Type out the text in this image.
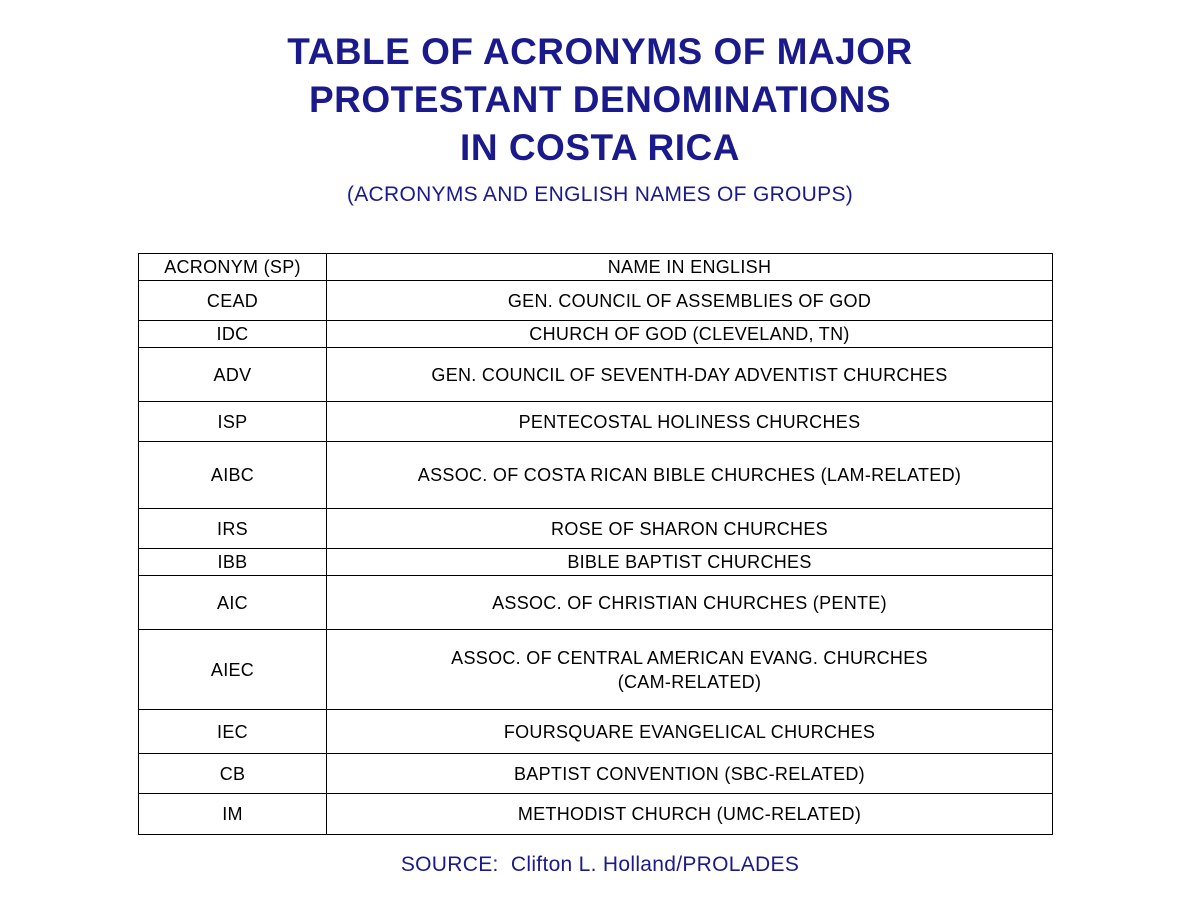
TABLE OF ACRONYMS OF MAJOR
PROTESTANT DENOMINATIONS
IN COSTA RICA
(ACRONYMS AND ENGLISH NAMES OF GROUPS)
ACRONYM (SP)	NAME IN ENGLISH
CEAD	GEN. COUNCIL OF ASSEMBLIES OF GOD
IDC	CHURCH OF GOD (CLEVELAND, TN)
ADV	GEN. COUNCIL OF SEVENTH-DAY ADVENTIST CHURCHES
ISP	PENTECOSTAL HOLINESS CHURCHES
AIBC	ASSOC. OF COSTA RICAN BIBLE CHURCHES (LAM-RELATED)
IRS	ROSE OF SHARON CHURCHES
IBB	BIBLE BAPTIST CHURCHES
AIC	ASSOC. OF CHRISTIAN CHURCHES (PENTE)
AIEC	ASSOC. OF CENTRAL AMERICAN EVANG. CHURCHES
(CAM-RELATED)

IEC	FOURSQUARE EVANGELICAL CHURCHES
CB	BAPTIST CONVENTION (SBC-RELATED)
IM	METHODIST CHURCH (UMC-RELATED)
SOURCE:  Clifton L. Holland/PROLADES
